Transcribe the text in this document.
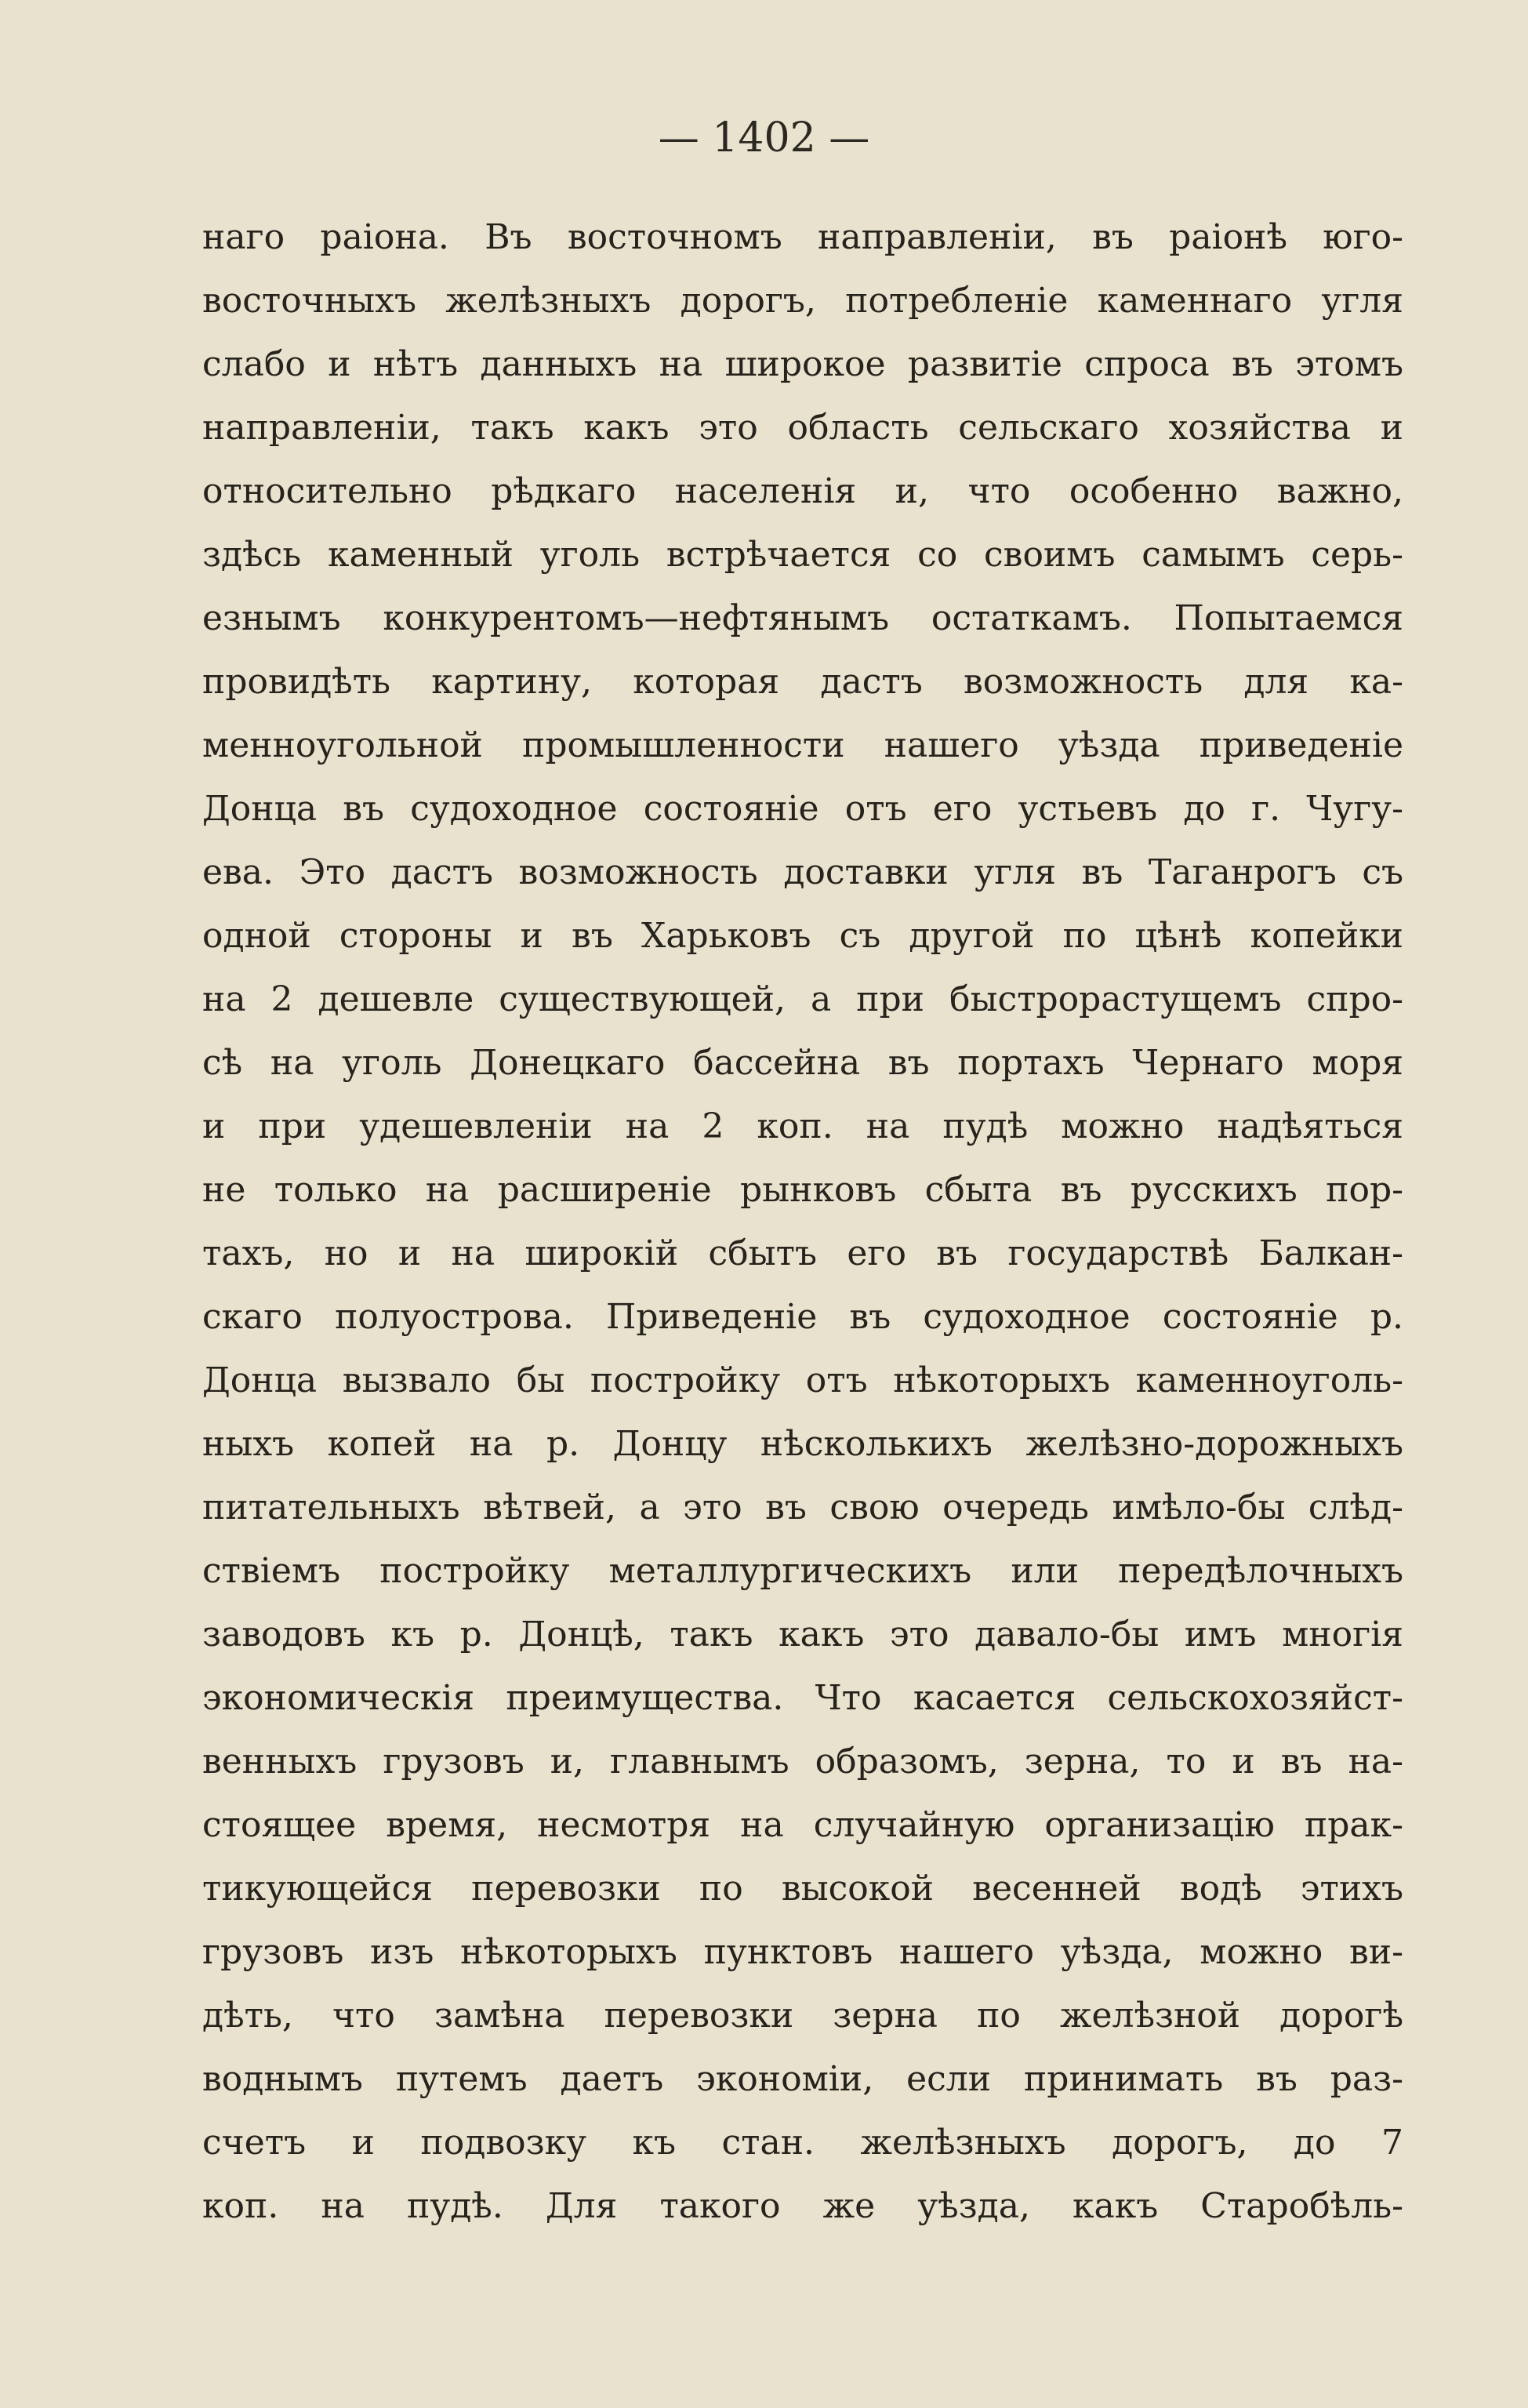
— 1402 —
наго раіона. Въ восточномъ направленіи, въ раіонѣ юго-
восточныхъ желѣзныхъ дорогъ, потребленіе каменнаго угля
слабо и нѣтъ данныхъ на широкое развитіе спроса въ этомъ
направленіи, такъ какъ это область сельскаго хозяйства и
относительно рѣдкаго населенія и, что особенно важно,
здѣсь каменный уголь встрѣчается со своимъ самымъ серь-
езнымъ конкурентомъ—нефтянымъ остаткамъ. Попытаемся
провидѣть картину, которая дастъ возможность для ка-
менноугольной промышленности нашего уѣзда приведеніе
Донца въ судоходное состояніе отъ его устьевъ до г. Чугу-
ева. Это дастъ возможность доставки угля въ Таганрогъ съ
одной стороны и въ Харьковъ съ другой по цѣнѣ копейки
на 2 дешевле существующей, а при быстрорастущемъ спро-
сѣ на уголь Донецкаго бассейна въ портахъ Чернаго моря
и при удешевленіи на 2 коп. на пудѣ можно надѣяться
не только на расширеніе рынковъ сбыта въ русскихъ пор-
тахъ, но и на широкій сбытъ его въ государствѣ Балкан-
скаго полуострова. Приведеніе въ судоходное состояніе р.
Донца вызвало бы постройку отъ нѣкоторыхъ каменноуголь-
ныхъ копей на р. Донцу нѣсколькихъ желѣзно-дорожныхъ
питательныхъ вѣтвей, а это въ свою очередь имѣло-бы слѣд-
ствіемъ постройку металлургическихъ или передѣлочныхъ
заводовъ къ р. Донцѣ, такъ какъ это давало-бы имъ многія
экономическія преимущества. Что касается сельскохозяйст-
венныхъ грузовъ и, главнымъ образомъ, зерна, то и въ на-
стоящее время, несмотря на случайную организацію прак-
тикующейся перевозки по высокой весенней водѣ этихъ
грузовъ изъ нѣкоторыхъ пунктовъ нашего уѣзда, можно ви-
дѣть, что замѣна перевозки зерна по желѣзной дорогѣ
воднымъ путемъ даетъ экономіи, если принимать въ раз-
счетъ и подвозку къ стан. желѣзныхъ дорогъ, до 7
коп. на пудѣ. Для такого же уѣзда, какъ Старобѣль-
